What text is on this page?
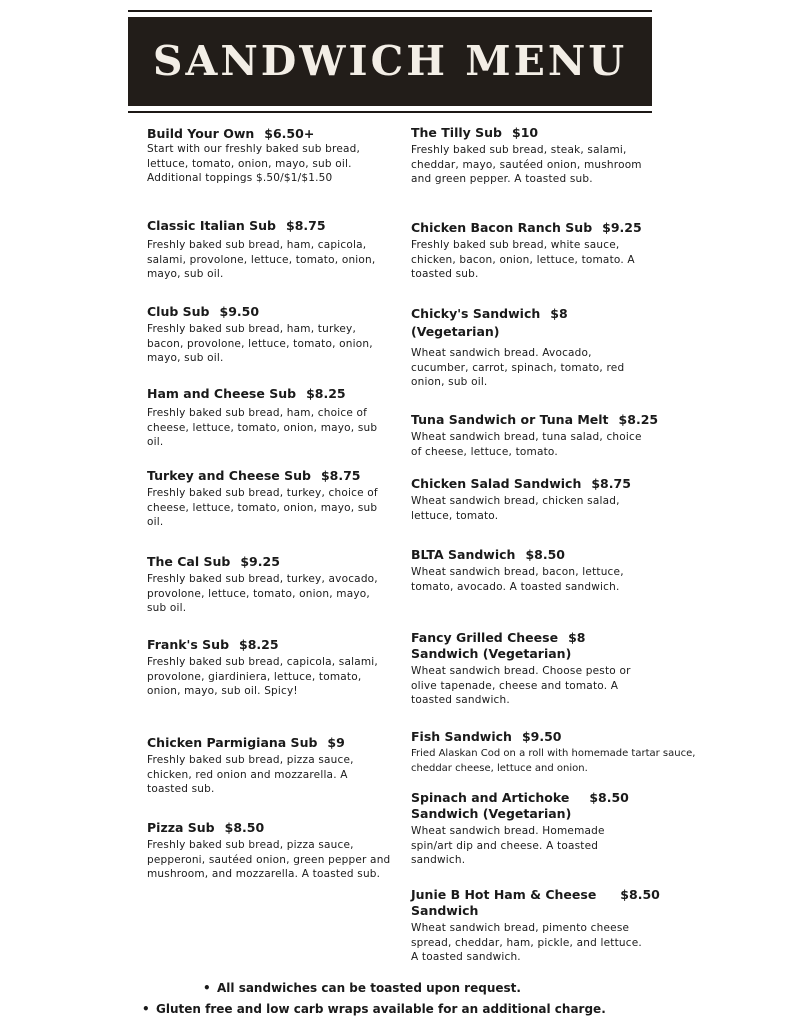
SANDWICH MENU
Build Your Own $6.50+
Start with our freshly baked sub bread, lettuce, tomato, onion, mayo, sub oil. Additional toppings $.50/$1/$1.50
Classic Italian Sub $8.75
Freshly baked sub bread, ham, capicola, salami, provolone, lettuce, tomato, onion, mayo, sub oil.
Club Sub $9.50
Freshly baked sub bread, ham, turkey, bacon, provolone, lettuce, tomato, onion, mayo, sub oil.
Ham and Cheese Sub $8.25
Freshly baked sub bread, ham, choice of cheese, lettuce, tomato, onion, mayo, sub oil.
Turkey and Cheese Sub $8.75
Freshly baked sub bread, turkey, choice of cheese, lettuce, tomato, onion, mayo, sub oil.
The Cal Sub $9.25
Freshly baked sub bread, turkey, avocado, provolone, lettuce, tomato, onion, mayo, sub oil.
Frank's Sub $8.25
Freshly baked sub bread, capicola, salami, provolone, giardiniera, lettuce, tomato, onion, mayo, sub oil. Spicy!
Chicken Parmigiana Sub $9
Freshly baked sub bread, pizza sauce, chicken, red onion and mozzarella. A toasted sub.
Pizza Sub $8.50
Freshly baked sub bread, pizza sauce, pepperoni, sautéed onion, green pepper and mushroom, and mozzarella. A toasted sub.
The Tilly Sub $10
Freshly baked sub bread, steak, salami, cheddar, mayo, sautéed onion, mushroom and green pepper. A toasted sub.
Chicken Bacon Ranch Sub $9.25
Freshly baked sub bread, white sauce, chicken, bacon, onion, lettuce, tomato. A toasted sub.
Chicky's Sandwich $8
(Vegetarian)
Wheat sandwich bread. Avocado, cucumber, carrot, spinach, tomato, red onion, sub oil.
Tuna Sandwich or Tuna Melt $8.25
Wheat sandwich bread, tuna salad, choice of cheese, lettuce, tomato.
Chicken Salad Sandwich $8.75
Wheat sandwich bread, chicken salad, lettuce, tomato.
BLTA Sandwich $8.50
Wheat sandwich bread, bacon, lettuce, tomato, avocado. A toasted sandwich.
Fancy Grilled Cheese $8
Sandwich (Vegetarian)
Wheat sandwich bread. Choose pesto or olive tapenade, cheese and tomato. A toasted sandwich.
Fish Sandwich $9.50
Fried Alaskan Cod on a roll with homemade tartar sauce, cheddar cheese, lettuce and onion.
Spinach and Artichoke $8.50
Sandwich (Vegetarian)
Wheat sandwich bread. Homemade spin/art dip and cheese. A toasted sandwich.
Junie B Hot Ham & Cheese $8.50
Sandwich
Wheat sandwich bread, pimento cheese spread, cheddar, ham, pickle, and lettuce. A toasted sandwich.
• All sandwiches can be toasted upon request.
• Gluten free and low carb wraps available for an additional charge.
